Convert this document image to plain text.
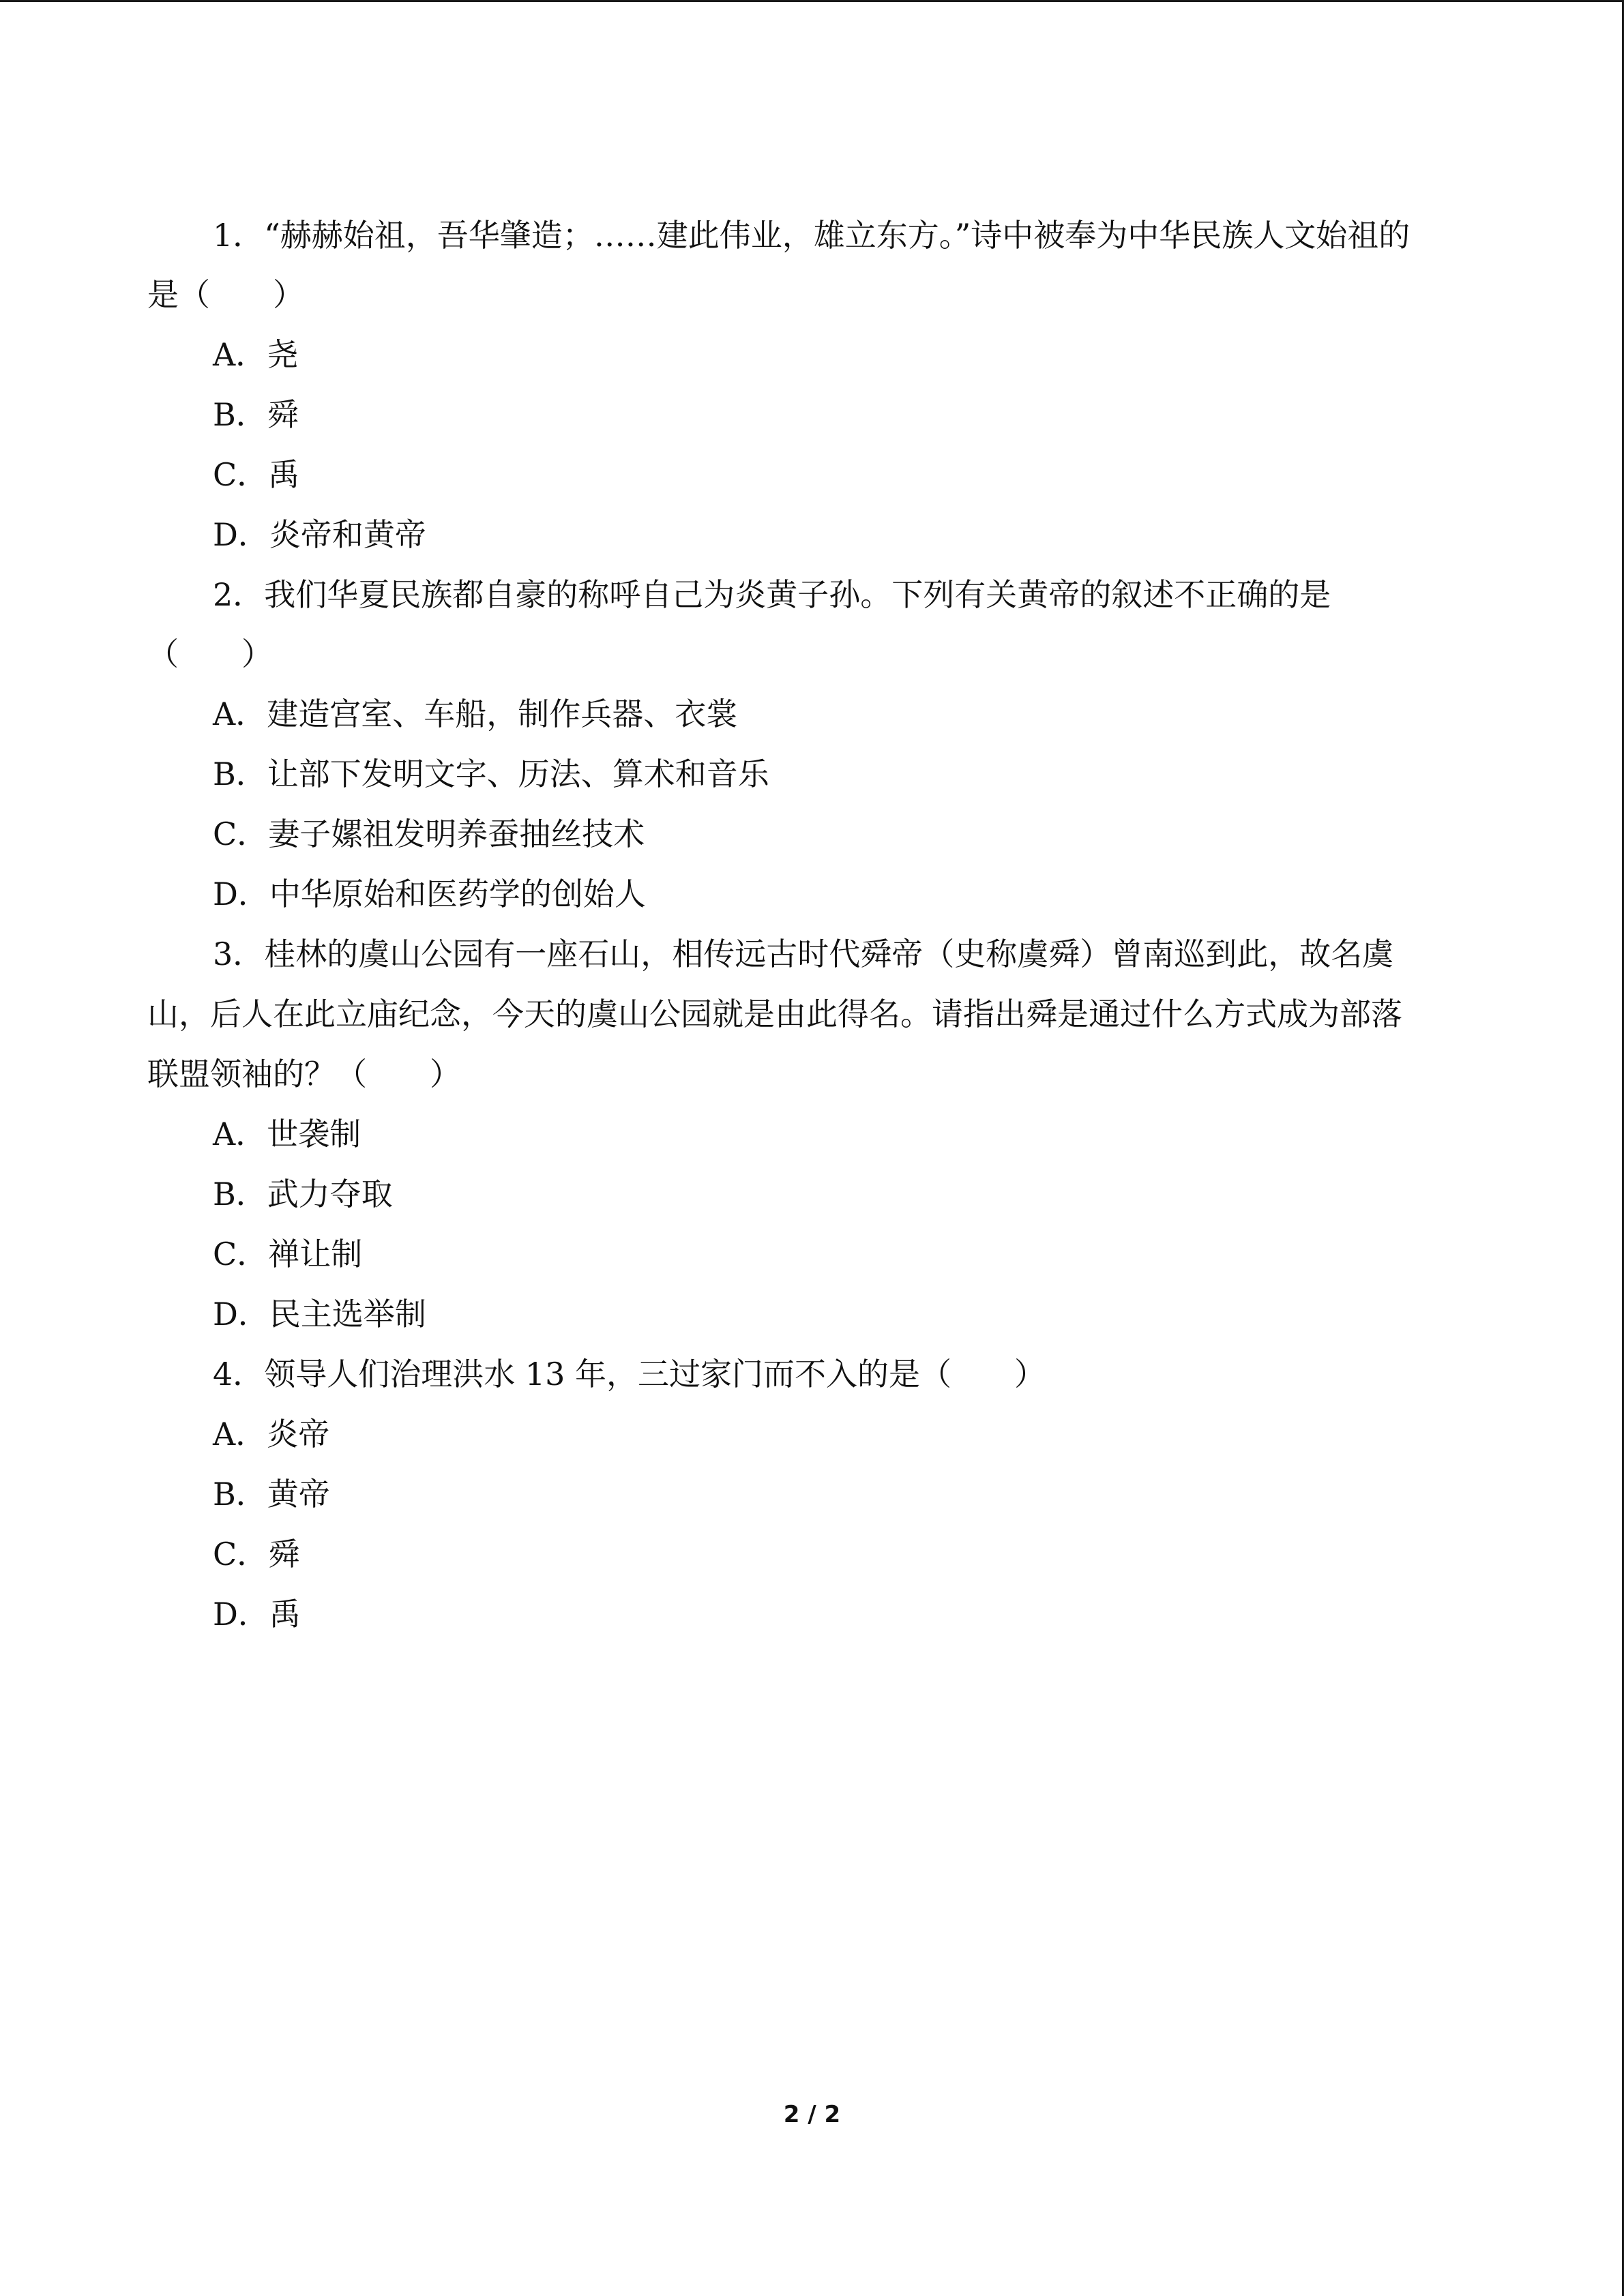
1．“赫赫始祖，吾华肇造；……建此伟业，雄立东方。”诗中被奉为中华民族人文始祖的
是（　　）
A．尧
B．舜
C．禹
D．炎帝和黄帝
2．我们华夏民族都自豪的称呼自己为炎黄子孙。下列有关黄帝的叙述不正确的是
（　　）
A．建造宫室、车船，制作兵器、衣裳
B．让部下发明文字、历法、算术和音乐
C．妻子嫘祖发明养蚕抽丝技术
D．中华原始和医药学的创始人
3．桂林的虞山公园有一座石山，相传远古时代舜帝（史称虞舜）曾南巡到此，故名虞
山，后人在此立庙纪念，今天的虞山公园就是由此得名。请指出舜是通过什么方式成为部落
联盟领袖的？（　　）
A．世袭制
B．武力夺取
C．禅让制
D．民主选举制
4．领导人们治理洪水 13 年，三过家门而不入的是（　　）
A．炎帝
B．黄帝
C．舜
D．禹
2 / 2
